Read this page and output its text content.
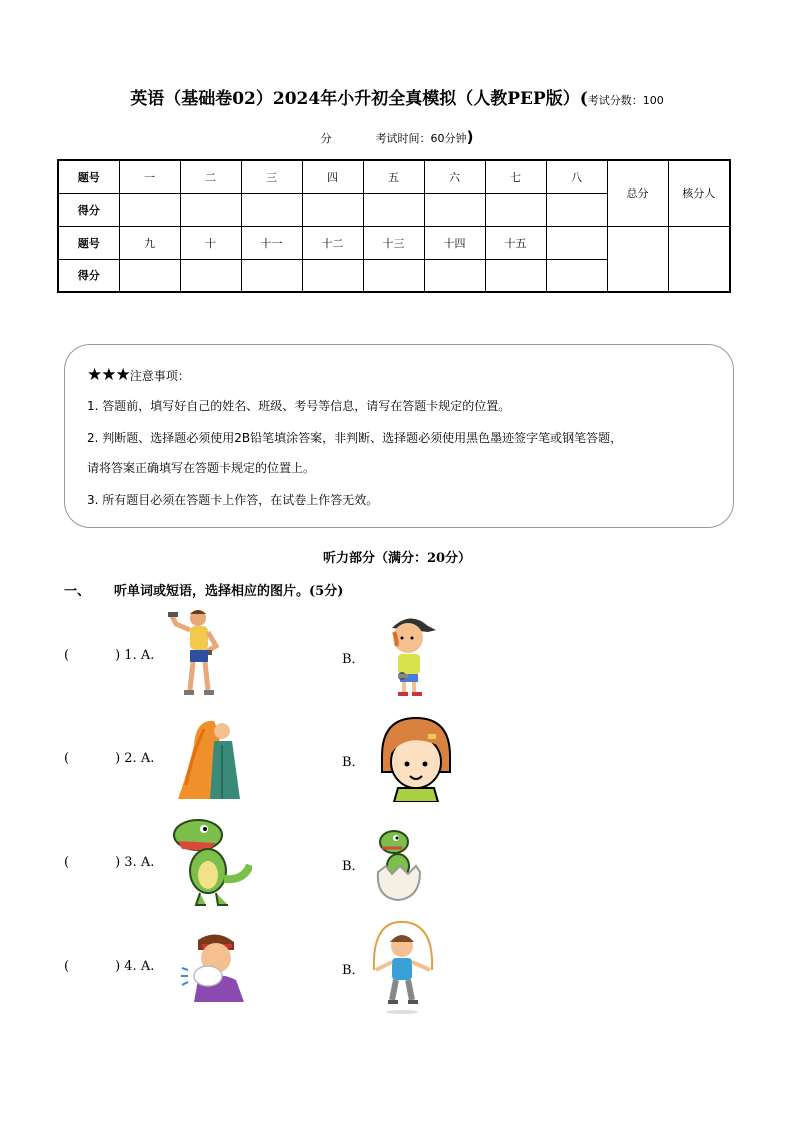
英语（基础卷02）2024年小升初全真模拟（人教PEP版）(考试分数：100
分	考试时间：60分钟)
题号	一	二	三	四	五	六	七	八	总分	核分人
得分										
题号	九	十	十一	十二	十三	十四	十五			
得分										
★★★注意事项：
1. 答题前，填写好自己的姓名、班级、考号等信息，请写在答题卡规定的位置。
2. 判断题、选择题必须使用2B铅笔填涂答案，非判断、选择题必须使用黑色墨迹签字笔或钢笔答题，
请将答案正确填写在答题卡规定的位置上。
3. 所有题目必须在答题卡上作答，在试卷上作答无效。
听力部分（满分：20分）
一、 听单词或短语，选择相应的图片。(5分)
(	) 1. A.	B．
(	) 2. A.	B．
(	) 3. A.	B．
(	) 4. A.	B．
